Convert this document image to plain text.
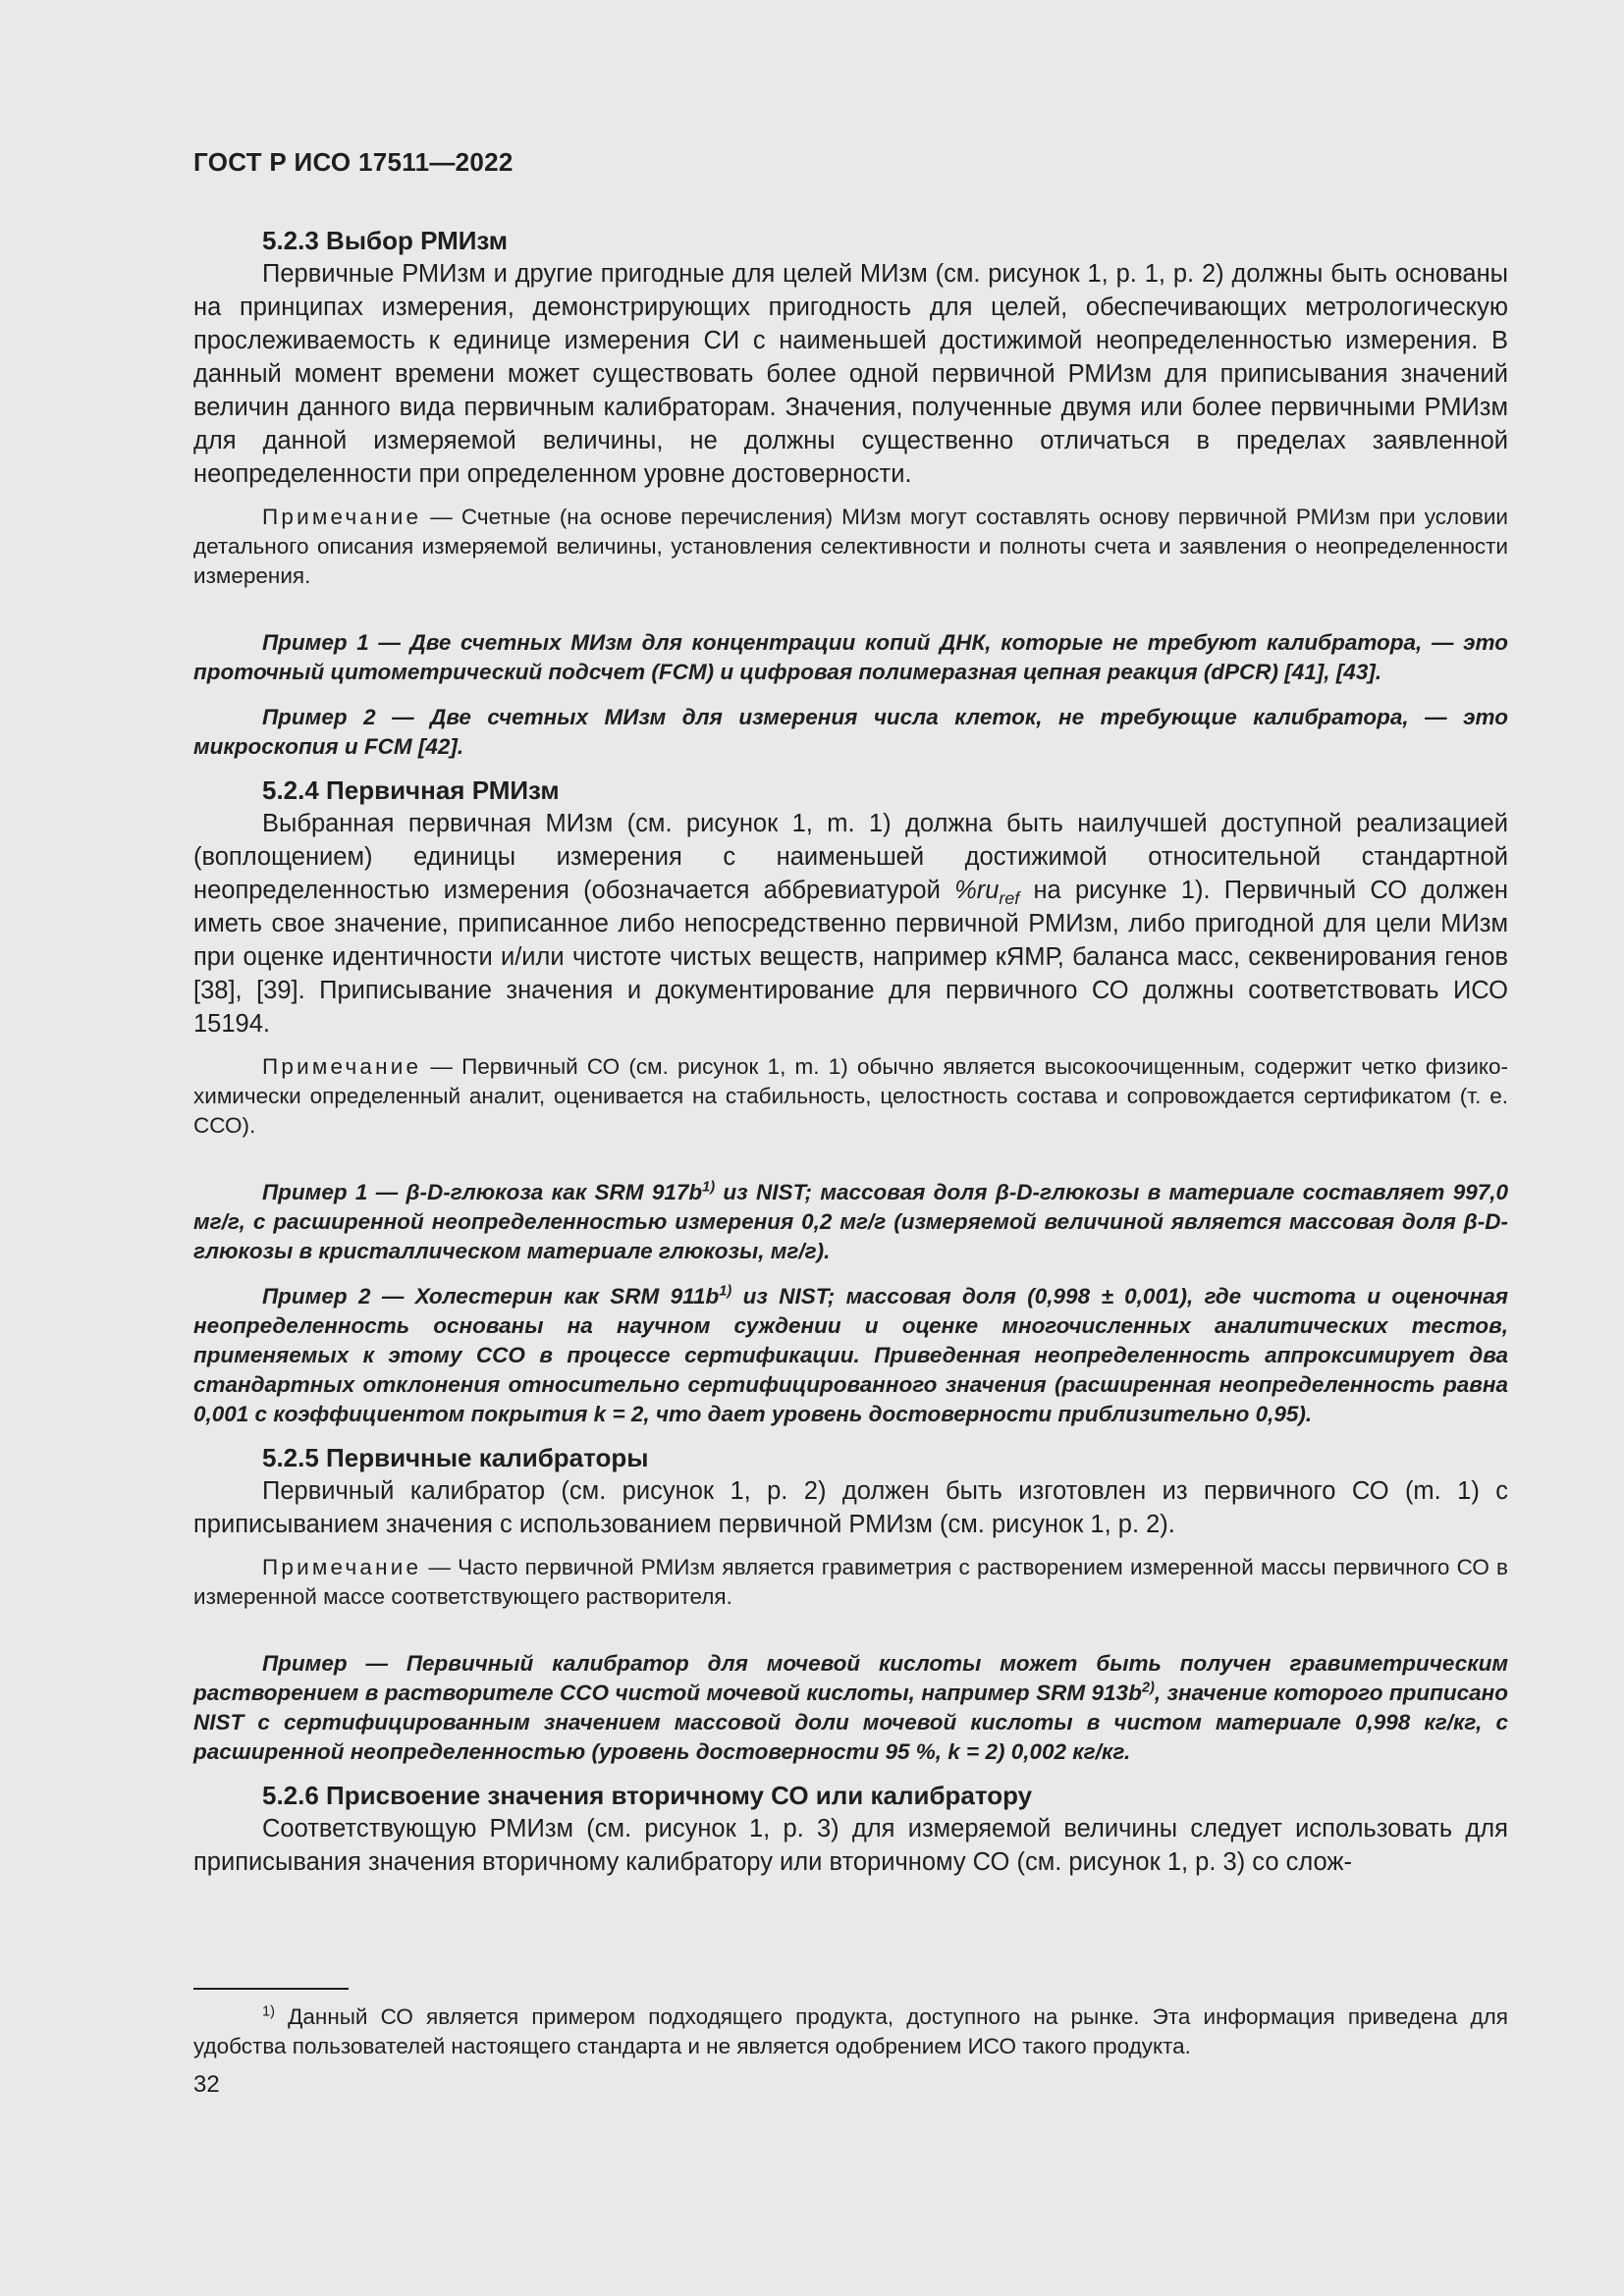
ГОСТ Р ИСО 17511—2022

5.2.3 Выбор РМИзм

Первичные РМИзм и другие пригодные для целей МИзм (см. рисунок 1, р. 1, р. 2) должны быть основаны на принципах измерения, демонстрирующих пригодность для целей, обеспечивающих метрологическую прослеживаемость к единице измерения СИ с наименьшей достижимой неопределенностью измерения. В данный момент времени может существовать более одной первичной РМИзм для приписывания значений величин данного вида первичным калибраторам. Значения, полученные двумя или более первичными РМИзм для данной измеряемой величины, не должны существенно отличаться в пределах заявленной неопределенности при определенном уровне достоверности.

Примечание — Счетные (на основе перечисления) МИзм могут составлять основу первичной РМИзм при условии детального описания измеряемой величины, установления селективности и полноты счета и заявления о неопределенности измерения.

Пример 1 — Две счетных МИзм для концентрации копий ДНК, которые не требуют калибратора, — это проточный цитометрический подсчет (FCM) и цифровая полимеразная цепная реакция (dPCR) [41], [43].

Пример 2 — Две счетных МИзм для измерения числа клеток, не требующие калибратора, — это микроскопия и FCM [42].

5.2.4 Первичная РМИзм

Выбранная первичная МИзм (см. рисунок 1, m. 1) должна быть наилучшей доступной реализацией (воплощением) единицы измерения с наименьшей достижимой относительной стандартной неопределенностью измерения (обозначается аббревиатурой $\%ru_{ref}$ на рисунке 1). Первичный СО должен иметь свое значение, приписанное либо непосредственно первичной РМИзм, либо пригодной для цели МИзм при оценке идентичности и/или чистоте чистых веществ, например кЯМР, баланса масс, секвенирования генов [38], [39]. Приписывание значения и документирование для первичного СО должны соответствовать ИСО 15194.

Примечание — Первичный СО (см. рисунок 1, m. 1) обычно является высокоочищенным, содержит четко физико-химически определенный аналит, оценивается на стабильность, целостность состава и сопровождается сертификатом (т. е. ССО).

Пример 1 — β-D-глюкоза как SRM $917b^{1)}$ из NIST; массовая доля β-D-глюкозы в материале составляет 997,0 мг/г, с расширенной неопределенностью измерения 0,2 мг/г (измеряемой величиной является массовая доля β-D-глюкозы в кристаллическом материале глюкозы, мг/г).

Пример 2 — Холестерин как SRM $911b^{1)}$ из NIST; массовая доля (0,998 ± 0,001), где чистота и оценочная неопределенность основаны на научном суждении и оценке многочисленных аналитических тестов, применяемых к этому ССО в процессе сертификации. Приведенная неопределенность аппроксимирует два стандартных отклонения относительно сертифицированного значения (расширенная неопределенность равна 0,001 с коэффициентом покрытия k = 2, что дает уровень достоверности приблизительно 0,95).

5.2.5 Первичные калибраторы

Первичный калибратор (см. рисунок 1, р. 2) должен быть изготовлен из первичного СО (m. 1) с приписыванием значения с использованием первичной РМИзм (см. рисунок 1, р. 2).

Примечание — Часто первичной РМИзм является гравиметрия с растворением измеренной массы первичного СО в измеренной массе соответствующего растворителя.

Пример — Первичный калибратор для мочевой кислоты может быть получен гравиметрическим растворением в растворителе ССО чистой мочевой кислоты, например SRM $913b^{2)}$, значение которого приписано NIST с сертифицированным значением массовой доли мочевой кислоты в чистом материале 0,998 кг/кг, с расширенной неопределенностью (уровень достоверности 95 %, k = 2) 0,002 кг/кг.

5.2.6 Присвоение значения вторичному СО или калибратору

Соответствующую РМИзм (см. рисунок 1, р. 3) для измеряемой величины следует использовать для приписывания значения вторичному калибратору или вторичному СО (см. рисунок 1, р. 3) со слож-

$^{1)}$ Данный СО является примером подходящего продукта, доступного на рынке. Эта информация приведена для удобства пользователей настоящего стандарта и не является одобрением ИСО такого продукта.

32
